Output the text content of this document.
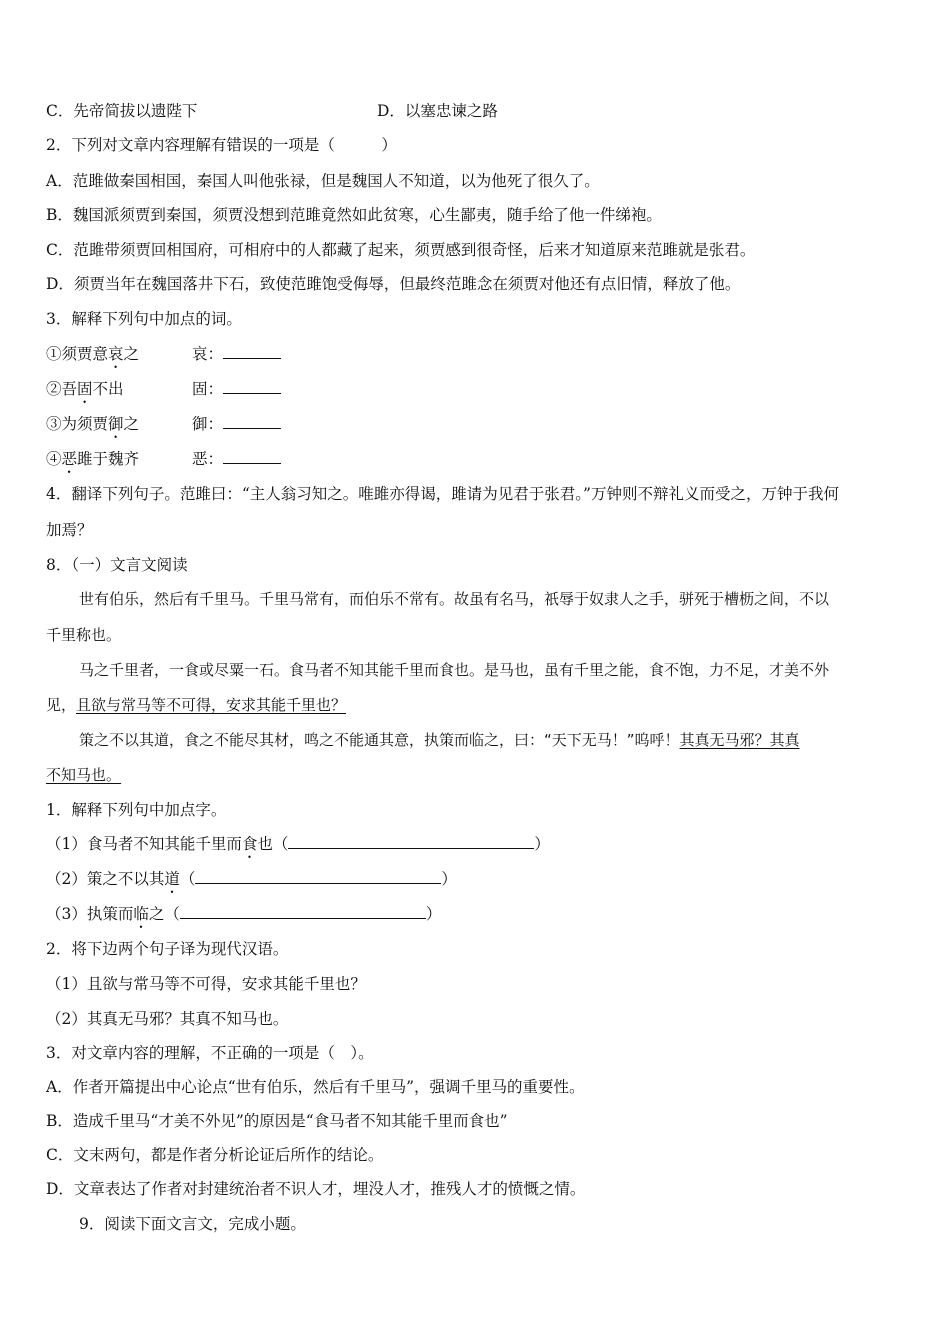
C．先帝简拔以遗陛下	D．以塞忠谏之路
2．下列对文章内容理解有错误的一项是（　　　）
A．范雎做秦国相国，秦国人叫他张禄，但是魏国人不知道，以为他死了很久了。
B．魏国派须贾到秦国，须贾没想到范雎竟然如此贫寒，心生鄙夷，随手给了他一件绨袍。
C．范雎带须贾回相国府，可相府中的人都藏了起来，须贾感到很奇怪，后来才知道原来范雎就是张君。
D．须贾当年在魏国落井下石，致使范雎饱受侮辱，但最终范雎念在须贾对他还有点旧情，释放了他。
3．解释下列句中加点的词。
①须贾意哀之	哀：
②吾固不出	固：
③为须贾御之	御：
④恶雎于魏齐	恶：
4．翻译下列句子。范雎曰：“主人翁习知之。唯雎亦得谒，雎请为见君于张君。”万钟则不辩礼义而受之，万钟于我何
加焉？
8．（一）文言文阅读
世有伯乐，然后有千里马。千里马常有，而伯乐不常有。故虽有名马，祇辱于奴隶人之手，骈死于槽枥之间，不以
千里称也。
马之千里者，一食或尽粟一石。食马者不知其能千里而食也。是马也，虽有千里之能，食不饱，力不足，才美不外
见，且欲与常马等不可得，安求其能千里也？
策之不以其道，食之不能尽其材，鸣之不能通其意，执策而临之，曰：“天下无马！”呜呼！其真无马邪？其真
不知马也。
1．解释下列句中加点字。
（1）食马者不知其能千里而食也（	）
（2）策之不以其道（	）
（3）执策而临之（	）
2．将下边两个句子译为现代汉语。
（1）且欲与常马等不可得，安求其能千里也？
（2）其真无马邪？其真不知马也。
3．对文章内容的理解，不正确的一项是（　）。
A．作者开篇提出中心论点“世有伯乐，然后有千里马”，强调千里马的重要性。
B．造成千里马“才美不外见”的原因是“食马者不知其能千里而食也”
C．文末两句，都是作者分析论证后所作的结论。
D．文章表达了作者对封建统治者不识人才，埋没人才，推残人才的愤慨之情。
9．阅读下面文言文，完成小题。
